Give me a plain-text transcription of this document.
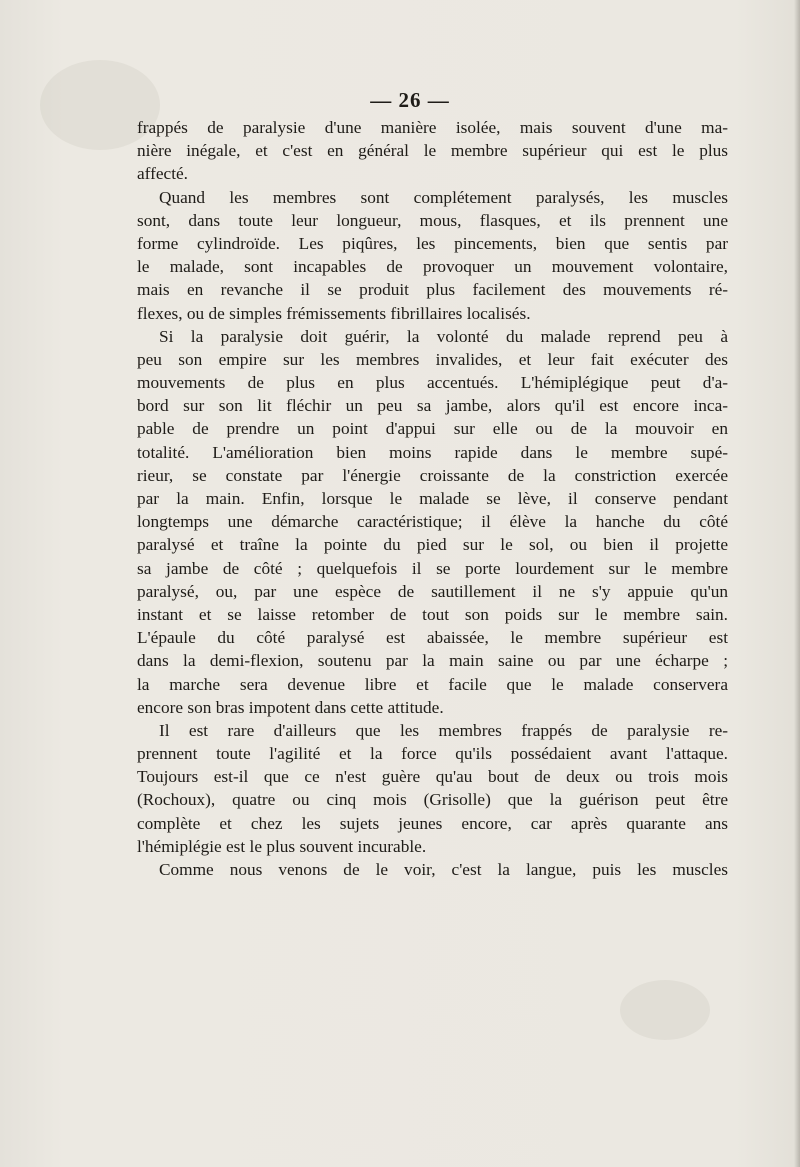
— 26 —
frappés de paralysie d'une manière isolée, mais souvent d'une ma-
nière inégale, et c'est en général le membre supérieur qui est le plus
affecté.
Quand les membres sont complétement paralysés, les muscles
sont, dans toute leur longueur, mous, flasques, et ils prennent une
forme cylindroïde. Les piqûres, les pincements, bien que sentis par
le malade, sont incapables de provoquer un mouvement volontaire,
mais en revanche il se produit plus facilement des mouvements ré-
flexes, ou de simples frémissements fibrillaires localisés.
Si la paralysie doit guérir, la volonté du malade reprend peu à
peu son empire sur les membres invalides, et leur fait exécuter des
mouvements de plus en plus accentués. L'hémiplégique peut d'a-
bord sur son lit fléchir un peu sa jambe, alors qu'il est encore inca-
pable de prendre un point d'appui sur elle ou de la mouvoir en
totalité. L'amélioration bien moins rapide dans le membre supé-
rieur, se constate par l'énergie croissante de la constriction exercée
par la main. Enfin, lorsque le malade se lève, il conserve pendant
longtemps une démarche caractéristique; il élève la hanche du côté
paralysé et traîne la pointe du pied sur le sol, ou bien il projette
sa jambe de côté ; quelquefois il se porte lourdement sur le membre
paralysé, ou, par une espèce de sautillement il ne s'y appuie qu'un
instant et se laisse retomber de tout son poids sur le membre sain.
L'épaule du côté paralysé est abaissée, le membre supérieur est
dans la demi-flexion, soutenu par la main saine ou par une écharpe ;
la marche sera devenue libre et facile que le malade conservera
encore son bras impotent dans cette attitude.
Il est rare d'ailleurs que les membres frappés de paralysie re-
prennent toute l'agilité et la force qu'ils possédaient avant l'attaque.
Toujours est-il que ce n'est guère qu'au bout de deux ou trois mois
(Rochoux), quatre ou cinq mois (Grisolle) que la guérison peut être
complète et chez les sujets jeunes encore, car après quarante ans
l'hémiplégie est le plus souvent incurable.
Comme nous venons de le voir, c'est la langue, puis les muscles
